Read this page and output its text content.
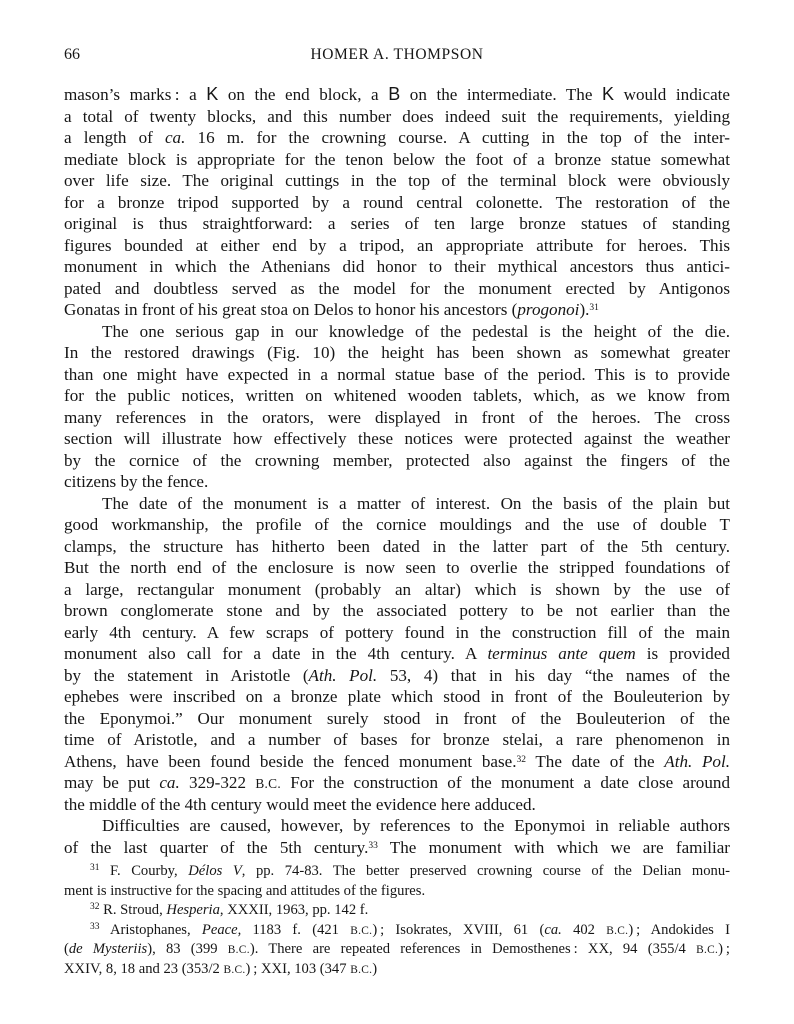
66	HOMER A. THOMPSON
mason’s marks : a K on the end block, a B on the intermediate. The K would indicate
a total of twenty blocks, and this number does indeed suit the requirements, yielding
a length of ca. 16 m. for the crowning course. A cutting in the top of the inter-
mediate block is appropriate for the tenon below the foot of a bronze statue somewhat
over life size. The original cuttings in the top of the terminal block were obviously
for a bronze tripod supported by a round central colonette. The restoration of the
original is thus straightforward: a series of ten large bronze statues of standing
figures bounded at either end by a tripod, an appropriate attribute for heroes. This
monument in which the Athenians did honor to their mythical ancestors thus antici-
pated and doubtless served as the model for the monument erected by Antigonos
Gonatas in front of his great stoa on Delos to honor his ancestors (progonoi).$^{31}$
The one serious gap in our knowledge of the pedestal is the height of the die.
In the restored drawings (Fig. 10) the height has been shown as somewhat greater
than one might have expected in a normal statue base of the period. This is to provide
for the public notices, written on whitened wooden tablets, which, as we know from
many references in the orators, were displayed in front of the heroes. The cross
section will illustrate how effectively these notices were protected against the weather
by the cornice of the crowning member, protected also against the fingers of the
citizens by the fence.
The date of the monument is a matter of interest. On the basis of the plain but
good workmanship, the profile of the cornice mouldings and the use of double T
clamps, the structure has hitherto been dated in the latter part of the 5th century.
But the north end of the enclosure is now seen to overlie the stripped foundations of
a large, rectangular monument (probably an altar) which is shown by the use of
brown conglomerate stone and by the associated pottery to be not earlier than the
early 4th century. A few scraps of pottery found in the construction fill of the main
monument also call for a date in the 4th century. A terminus ante quem is provided
by the statement in Aristotle (Ath. Pol. 53, 4) that in his day “the names of the
ephebes were inscribed on a bronze plate which stood in front of the Bouleuterion by
the Eponymoi.” Our monument surely stood in front of the Bouleuterion of the
time of Aristotle, and a number of bases for bronze stelai, a rare phenomenon in
Athens, have been found beside the fenced monument base.$^{32}$ The date of the Ath. Pol.
may be put ca. 329-322 B.C. For the construction of the monument a date close around
the middle of the 4th century would meet the evidence here adduced.
Difficulties are caused, however, by references to the Eponymoi in reliable authors
of the last quarter of the 5th century.$^{33}$ The monument with which we are familiar
$^{31}$ F. Courby, Délos V, pp. 74-83. The better preserved crowning course of the Delian monu-
ment is instructive for the spacing and attitudes of the figures.
$^{32}$ R. Stroud, Hesperia, XXXII, 1963, pp. 142 f.
$^{33}$ Aristophanes, Peace, 1183 f. (421 B.C.) ; Isokrates, XVIII, 61 (ca. 402 B.C.) ; Andokides I
(de Mysteriis), 83 (399 B.C.). There are repeated references in Demosthenes : XX, 94 (355/4 B.C.) ;
XXIV, 8, 18 and 23 (353/2 B.C.) ; XXI, 103 (347 B.C.)
